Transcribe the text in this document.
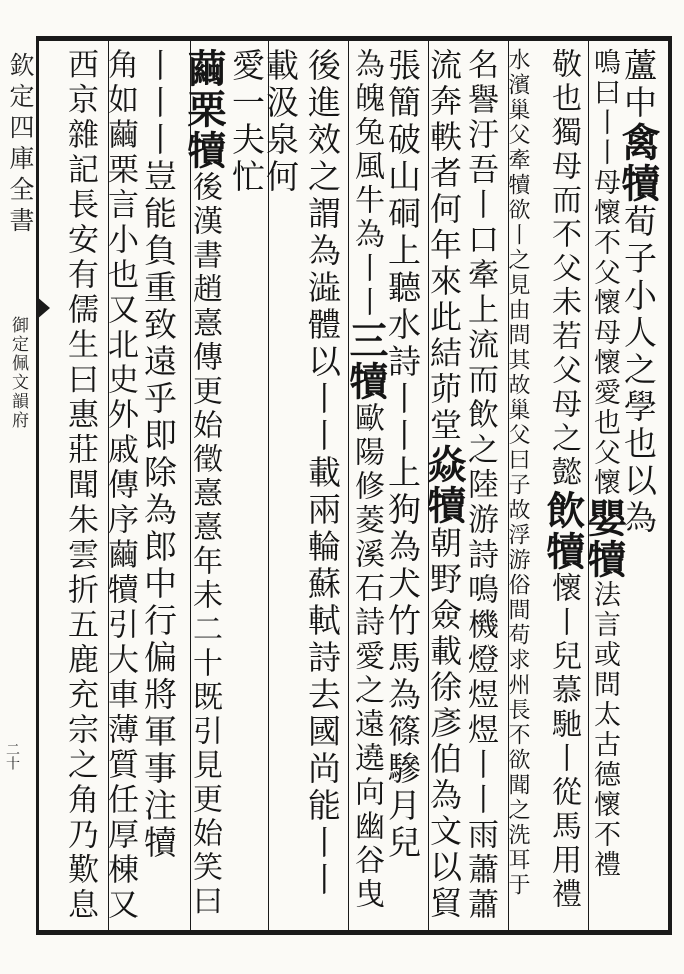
欽定四庫全書
御定佩文韻府
二十
蘆中禽犢荀子小人之學也以為
鳴曰丨丨母懷不父懷母懷愛也父懷嬰犢法言或問太古德懷不禮
敬也獨母而不父未若父母之懿飲犢懷丨兒慕馳丨從馬用禮
水濱巢父牽犢欲丨之見由問其故巢父曰子故浮游俗間苟求州長不欲聞之洗耳于
名譽汙吾丨口牽上流而飲之陸游詩鳴機燈煜煜丨丨雨蕭蕭
流奔軼者何年來此結茆堂焱犢朝野僉載徐彥伯為文以貿
張簡破山硐上聽水詩丨丨上狗為犬竹馬為篠驂月兒
為魄兔風牛為丨丨三犢歐陽修菱溪石詩愛之遠遶向幽谷曳
後進效之謂為澁體以丨丨載兩輪蘇軾詩去國尚能丨丨
載汲泉何
愛一夫忙
繭栗犢後漢書趙憙傳更始徵憙憙年未二十既引見更始笑曰
丨丨丨豈能負重致遠乎即除為郎中行偏將軍事注犢
角如繭栗言小也又北史外戚傳序繭犢引大車薄質任厚棟又
西京雜記長安有儒生曰惠莊聞朱雲折五鹿充宗之角乃歎息
